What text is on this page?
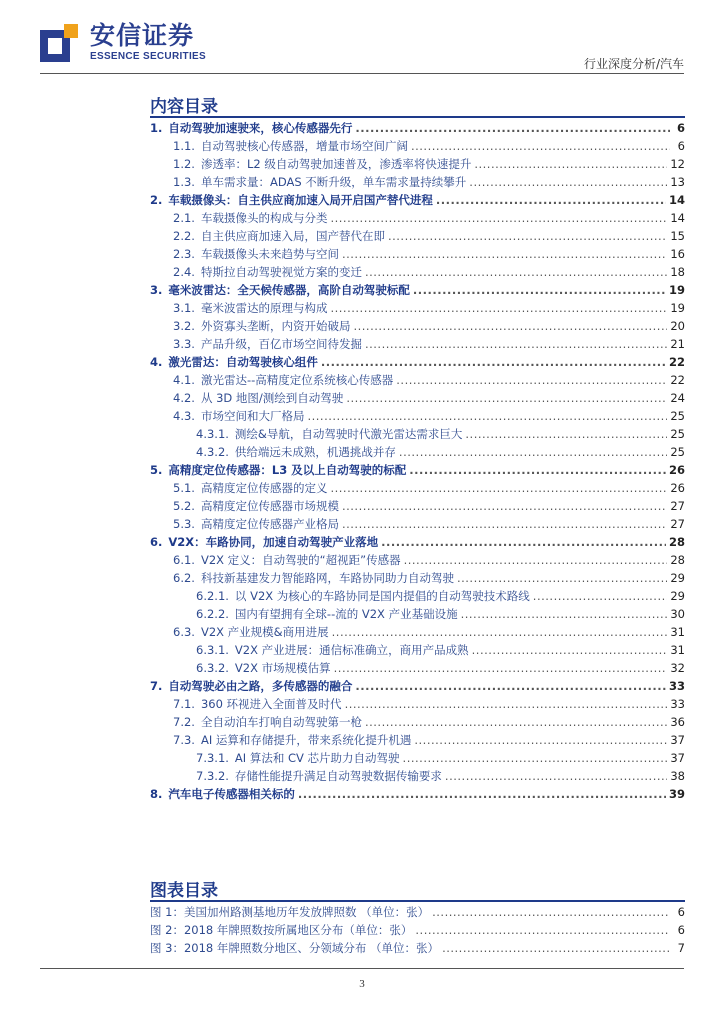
安信证券
ESSENCE SECURITIES
行业深度分析/汽车
内容目录
1. 自动驾驶加速驶来，核心传感器先行 .....	6
1.1. 自动驾驶核心传感器，增量市场空间广阔 .....	6
1.2. 渗透率：L2 级自动驾驶加速普及，渗透率将快速提升 .....	12
1.3. 单车需求量：ADAS 不断升级，单车需求量持续攀升 .....	13
2. 车载摄像头：自主供应商加速入局开启国产替代进程 .....	14
2.1. 车载摄像头的构成与分类 .....	14
2.2. 自主供应商加速入局，国产替代在即 .....	15
2.3. 车载摄像头未来趋势与空间 .....	16
2.4. 特斯拉自动驾驶视觉方案的变迁 .....	18
3. 毫米波雷达：全天候传感器，高阶自动驾驶标配 .....	19
3.1. 毫米波雷达的原理与构成 .....	19
3.2. 外资寡头垄断，内资开始破局 .....	20
3.3. 产品升级，百亿市场空间待发掘 .....	21
4. 激光雷达：自动驾驶核心组件 .....	22
4.1. 激光雷达--高精度定位系统核心传感器 .....	22
4.2. 从 3D 地图/测绘到自动驾驶 .....	24
4.3. 市场空间和大厂格局 .....	25
4.3.1. 测绘&导航，自动驾驶时代激光雷达需求巨大 .....	25
4.3.2. 供给端远未成熟，机遇挑战并存 .....	25
5. 高精度定位传感器：L3 及以上自动驾驶的标配 .....	26
5.1. 高精度定位传感器的定义 .....	26
5.2. 高精度定位传感器市场规模 .....	27
5.3. 高精度定位传感器产业格局 .....	27
6. V2X：车路协同，加速自动驾驶产业落地 .....	28
6.1. V2X 定义：自动驾驶的“超视距”传感器 .....	28
6.2. 科技新基建发力智能路网，车路协同助力自动驾驶 .....	29
6.2.1. 以 V2X 为核心的车路协同是国内提倡的自动驾驶技术路线 .....	29
6.2.2. 国内有望拥有全球--流的 V2X 产业基础设施 .....	30
6.3. V2X 产业规模&商用进展 .....	31
6.3.1. V2X 产业进展：通信标准确立，商用产品成熟 .....	31
6.3.2. V2X 市场规模估算 .....	32
7. 自动驾驶必由之路，多传感器的融合 .....	33
7.1. 360 环视进入全面普及时代 .....	33
7.2. 全自动泊车打响自动驾驶第一枪 .....	36
7.3. AI 运算和存储提升，带来系统化提升机遇 .....	37
7.3.1. AI 算法和 CV 芯片助力自动驾驶 .....	37
7.3.2. 存储性能提升满足自动驾驶数据传输要求 .....	38
8. 汽车电子传感器相关标的 .....	39
图表目录
图 1：美国加州路测基地历年发放牌照数 （单位：张） .....	6
图 2：2018 年牌照数按所属地区分布（单位：张） .....	6
图 3：2018 年牌照数分地区、分领域分布 （单位：张） .....	7
3
